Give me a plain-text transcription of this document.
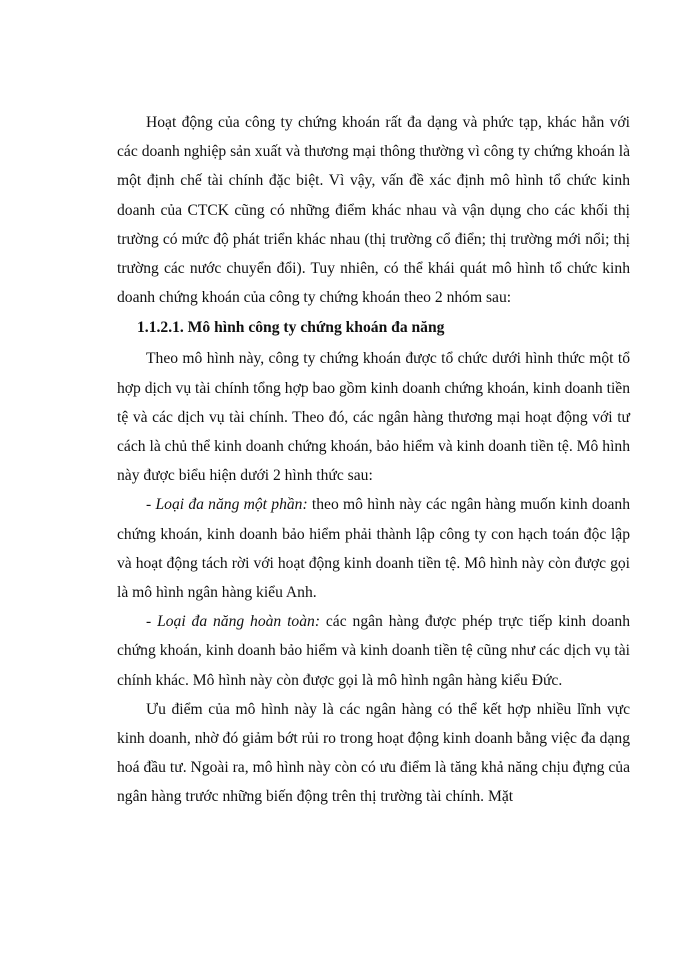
Hoạt động của công ty chứng khoán rất đa dạng và phức tạp, khác hẳn với các doanh nghiệp sản xuất và thương mại thông thường vì công ty chứng khoán là một định chế tài chính đặc biệt. Vì vậy, vấn đề xác định mô hình tổ chức kinh doanh của CTCK cũng có những điểm khác nhau và vận dụng cho các khối thị trường có mức độ phát triển khác nhau (thị trường cổ điển; thị trường mới nổi; thị trường các nước chuyển đổi). Tuy nhiên, có thể khái quát mô hình tổ chức kinh doanh chứng khoán của công ty chứng khoán theo 2 nhóm sau:

1.1.2.1. Mô hình công ty chứng khoán đa năng

Theo mô hình này, công ty chứng khoán được tổ chức dưới hình thức một tổ hợp dịch vụ tài chính tổng hợp bao gồm kinh doanh chứng khoán, kinh doanh tiền tệ và các dịch vụ tài chính. Theo đó, các ngân hàng thương mại hoạt động với tư cách là chủ thể kinh doanh chứng khoán, bảo hiểm và kinh doanh tiền tệ. Mô hình này được biểu hiện dưới 2 hình thức sau:

- Loại đa năng một phần: theo mô hình này các ngân hàng muốn kinh doanh chứng khoán, kinh doanh bảo hiểm phải thành lập công ty con hạch toán độc lập và hoạt động tách rời với hoạt động kinh doanh tiền tệ. Mô hình này còn được gọi là mô hình ngân hàng kiểu Anh.

- Loại đa năng hoàn toàn: các ngân hàng được phép trực tiếp kinh doanh chứng khoán, kinh doanh bảo hiểm và kinh doanh tiền tệ cũng như các dịch vụ tài chính khác. Mô hình này còn được gọi là mô hình ngân hàng kiểu Đức.

Ưu điểm của mô hình này là các ngân hàng có thể kết hợp nhiều lĩnh vực kinh doanh, nhờ đó giảm bớt rủi ro trong hoạt động kinh doanh bằng việc đa dạng hoá đầu tư. Ngoài ra, mô hình này còn có ưu điểm là tăng khả năng chịu đựng của ngân hàng trước những biến động trên thị trường tài chính. Mặt
